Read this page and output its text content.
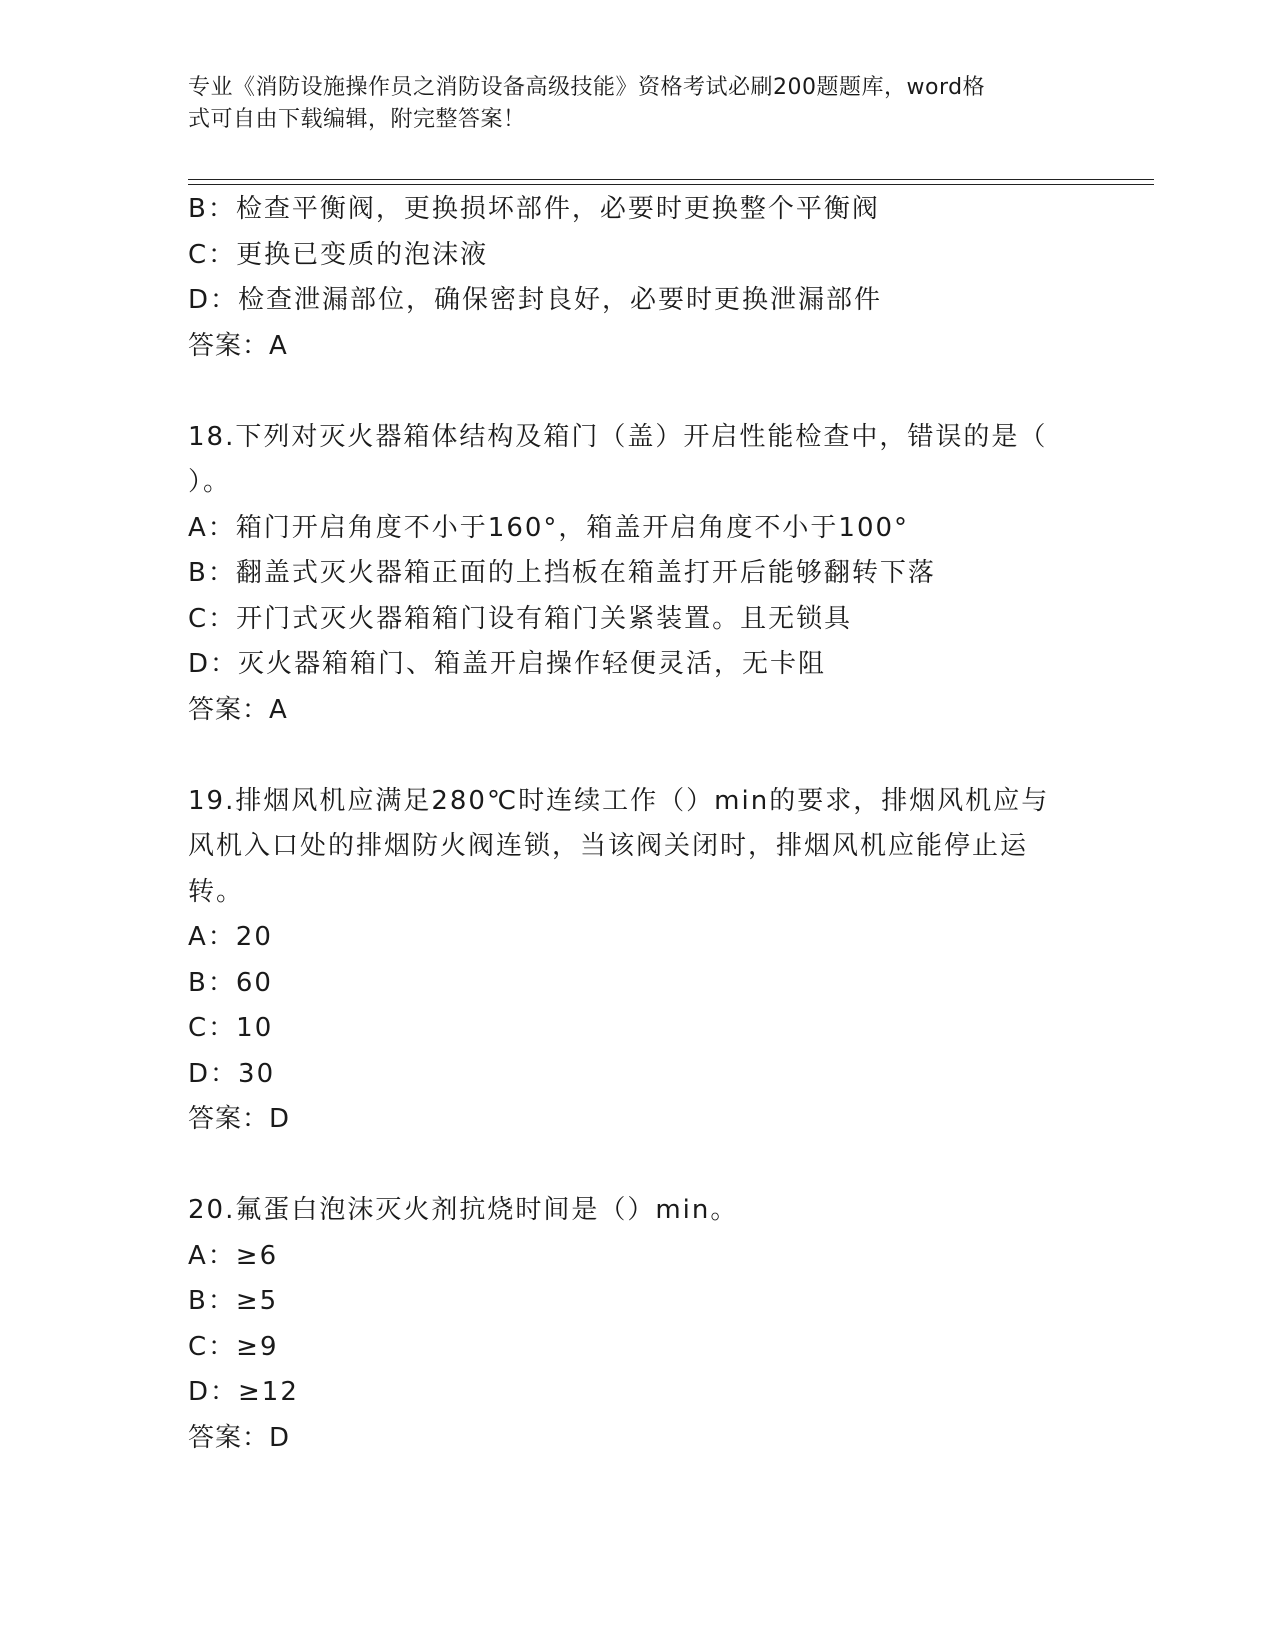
专业《消防设施操作员之消防设备高级技能》资格考试必刷200题题库，word格
式可自由下载编辑，附完整答案！
B：检查平衡阀，更换损坏部件，必要时更换整个平衡阀
C：更换已变质的泡沫液
D：检查泄漏部位，确保密封良好，必要时更换泄漏部件
答案：A
18.下列对灭火器箱体结构及箱门（盖）开启性能检查中，错误的是（
）。
A：箱门开启角度不小于160°，箱盖开启角度不小于100°
B：翻盖式灭火器箱正面的上挡板在箱盖打开后能够翻转下落
C：开门式灭火器箱箱门设有箱门关紧装置。且无锁具
D：灭火器箱箱门、箱盖开启操作轻便灵活，无卡阻
答案：A
19.排烟风机应满足280℃时连续工作（）min的要求，排烟风机应与
风机入口处的排烟防火阀连锁，当该阀关闭时，排烟风机应能停止运
转。
A：20
B：60
C：10
D：30
答案：D
20.氟蛋白泡沫灭火剂抗烧时间是（）min。
A：≥6
B：≥5
C：≥9
D：≥12
答案：D
